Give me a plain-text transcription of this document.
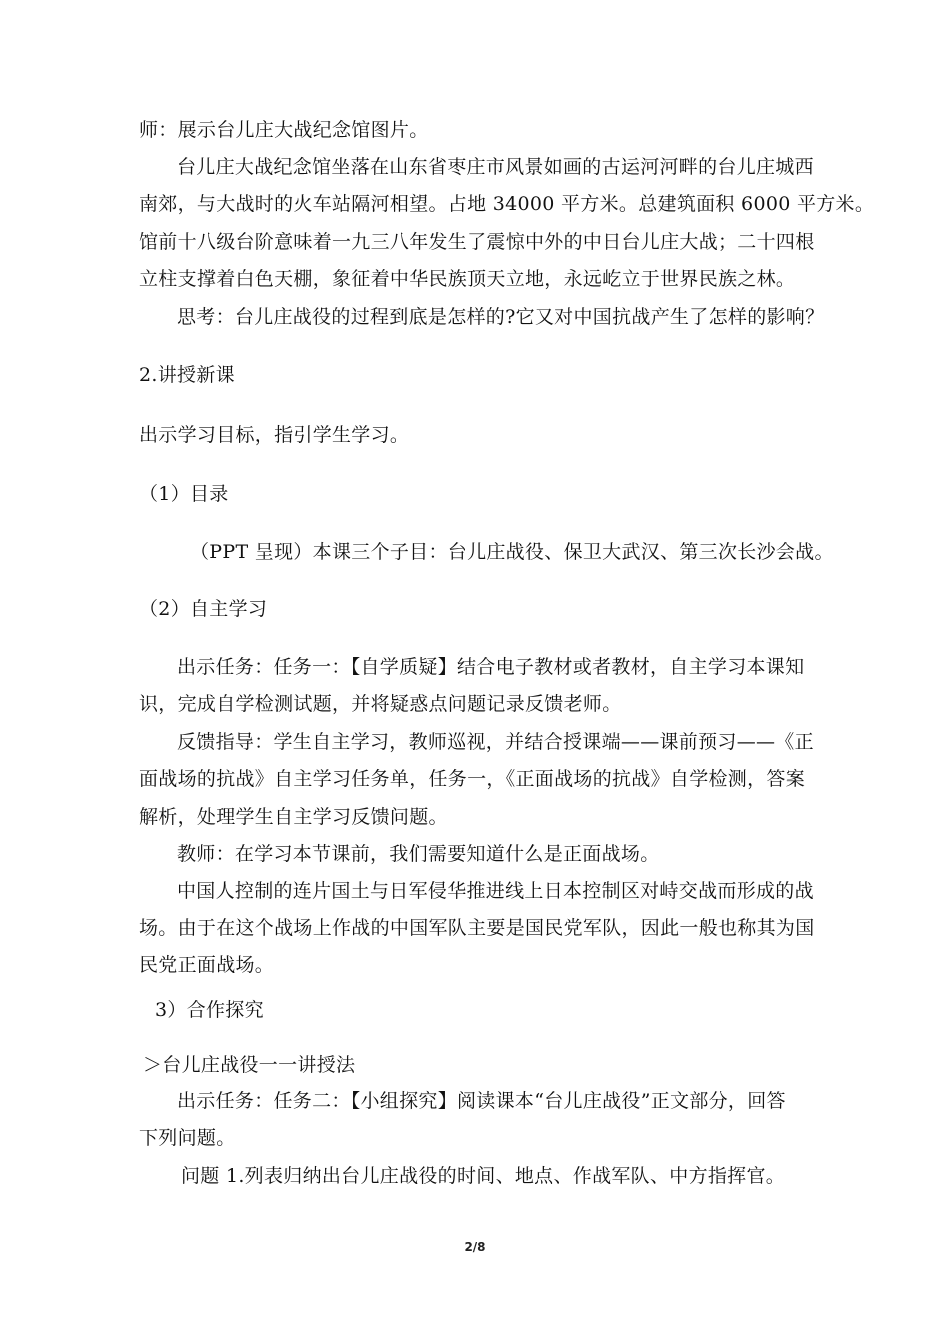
师：展示台儿庄大战纪念馆图片。
台儿庄大战纪念馆坐落在山东省枣庄市风景如画的古运河河畔的台儿庄城西
南郊，与大战时的火车站隔河相望。占地 34000 平方米。总建筑面积 6000 平方米。
馆前十八级台阶意味着一九三八年发生了震惊中外的中日台儿庄大战；二十四根
立柱支撑着白色天棚，象征着中华民族顶天立地，永远屹立于世界民族之林。
思考：台儿庄战役的过程到底是怎样的?它又对中国抗战产生了怎样的影响？
2.讲授新课
出示学习目标，指引学生学习。
（1）目录
（PPT 呈现）本课三个子目：台儿庄战役、保卫大武汉、第三次长沙会战。
（2）自主学习
出示任务：任务一：【自学质疑】结合电子教材或者教材，自主学习本课知
识，完成自学检测试题，并将疑惑点问题记录反馈老师。
反馈指导：学生自主学习，教师巡视，并结合授课端——课前预习——《正
面战场的抗战》自主学习任务单，任务一，《正面战场的抗战》自学检测，答案
解析，处理学生自主学习反馈问题。
教师：在学习本节课前，我们需要知道什么是正面战场。
中国人控制的连片国土与日军侵华推进线上日本控制区对峙交战而形成的战
场。由于在这个战场上作战的中国军队主要是国民党军队，因此一般也称其为国
民党正面战场。
3）合作探究
＞台儿庄战役一一讲授法
出示任务：任务二：【小组探究】阅读课本“台儿庄战役”正文部分，回答
下列问题。
问题 1.列表归纳出台儿庄战役的时间、地点、作战军队、中方指挥官。
2/8
